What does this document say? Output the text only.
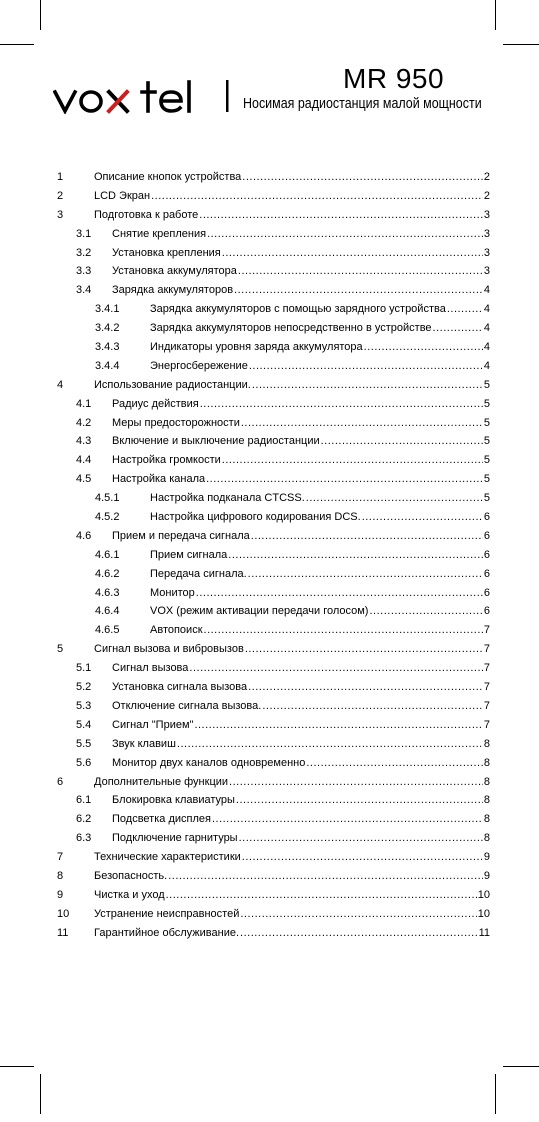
MR 950
Носимая радиостанция малой мощности
1	Описание кнопок устройства .....	2
2	LCD Экран .....	2
3	Подготовка к работе .....	3
3.1 Снятие крепления .....	3
3.2 Установка крепления .....	3
3.3 Установка аккумулятора .....	3
3.4 Зарядка аккумуляторов .....	4
3.4.1	Зарядка аккумуляторов с помощью зарядного устройства .....	4
3.4.2	Зарядка аккумуляторов непосредственно в устройстве .....	4
3.4.3	Индикаторы уровня заряда аккумулятора .....	4
3.4.4	Энергосбережение .....	4
4	Использование радиостанции. .....	5
4.1 Радиус действия .....	5
4.2 Меры предосторожности .....	5
4.3 Включение и выключение радиостанции .....	5
4.4 Настройка громкости .....	5
4.5 Настройка канала .....	5
4.5.1	Настройка подканала CTCSS. .....	5
4.5.2	Настройка цифрового кодирования DCS. .....	6
4.6 Прием и передача сигнала .....	6
4.6.1	Прием сигнала .....	6
4.6.2	Передача сигнала. .....	6
4.6.3	Монитор .....	6
4.6.4	VOX (режим активации передачи голосом) .....	6
4.6.5	Автопоиск .....	7
5	Сигнал вызова и вибровызов .....	7
5.1 Сигнал вызова .....	7
5.2 Установка сигнала вызова .....	7
5.3 Отключение сигнала вызова. .....	7
5.4 Сигнал "Прием" .....	7
5.5 Звук клавиш .....	8
5.6 Монитор двух каналов одновременно .....	8
6	Дополнительные функции .....	8
6.1 Блокировка клавиатуры .....	8
6.2 Подсветка дисплея .....	8
6.3 Подключение гарнитуры .....	8
7	Технические характеристики .....	9
8	Безопасность. .....	9
9	Чистка и уход .....	10
10 Устранение неисправностей .....	10
11 Гарантийное обслуживание. .....	11
